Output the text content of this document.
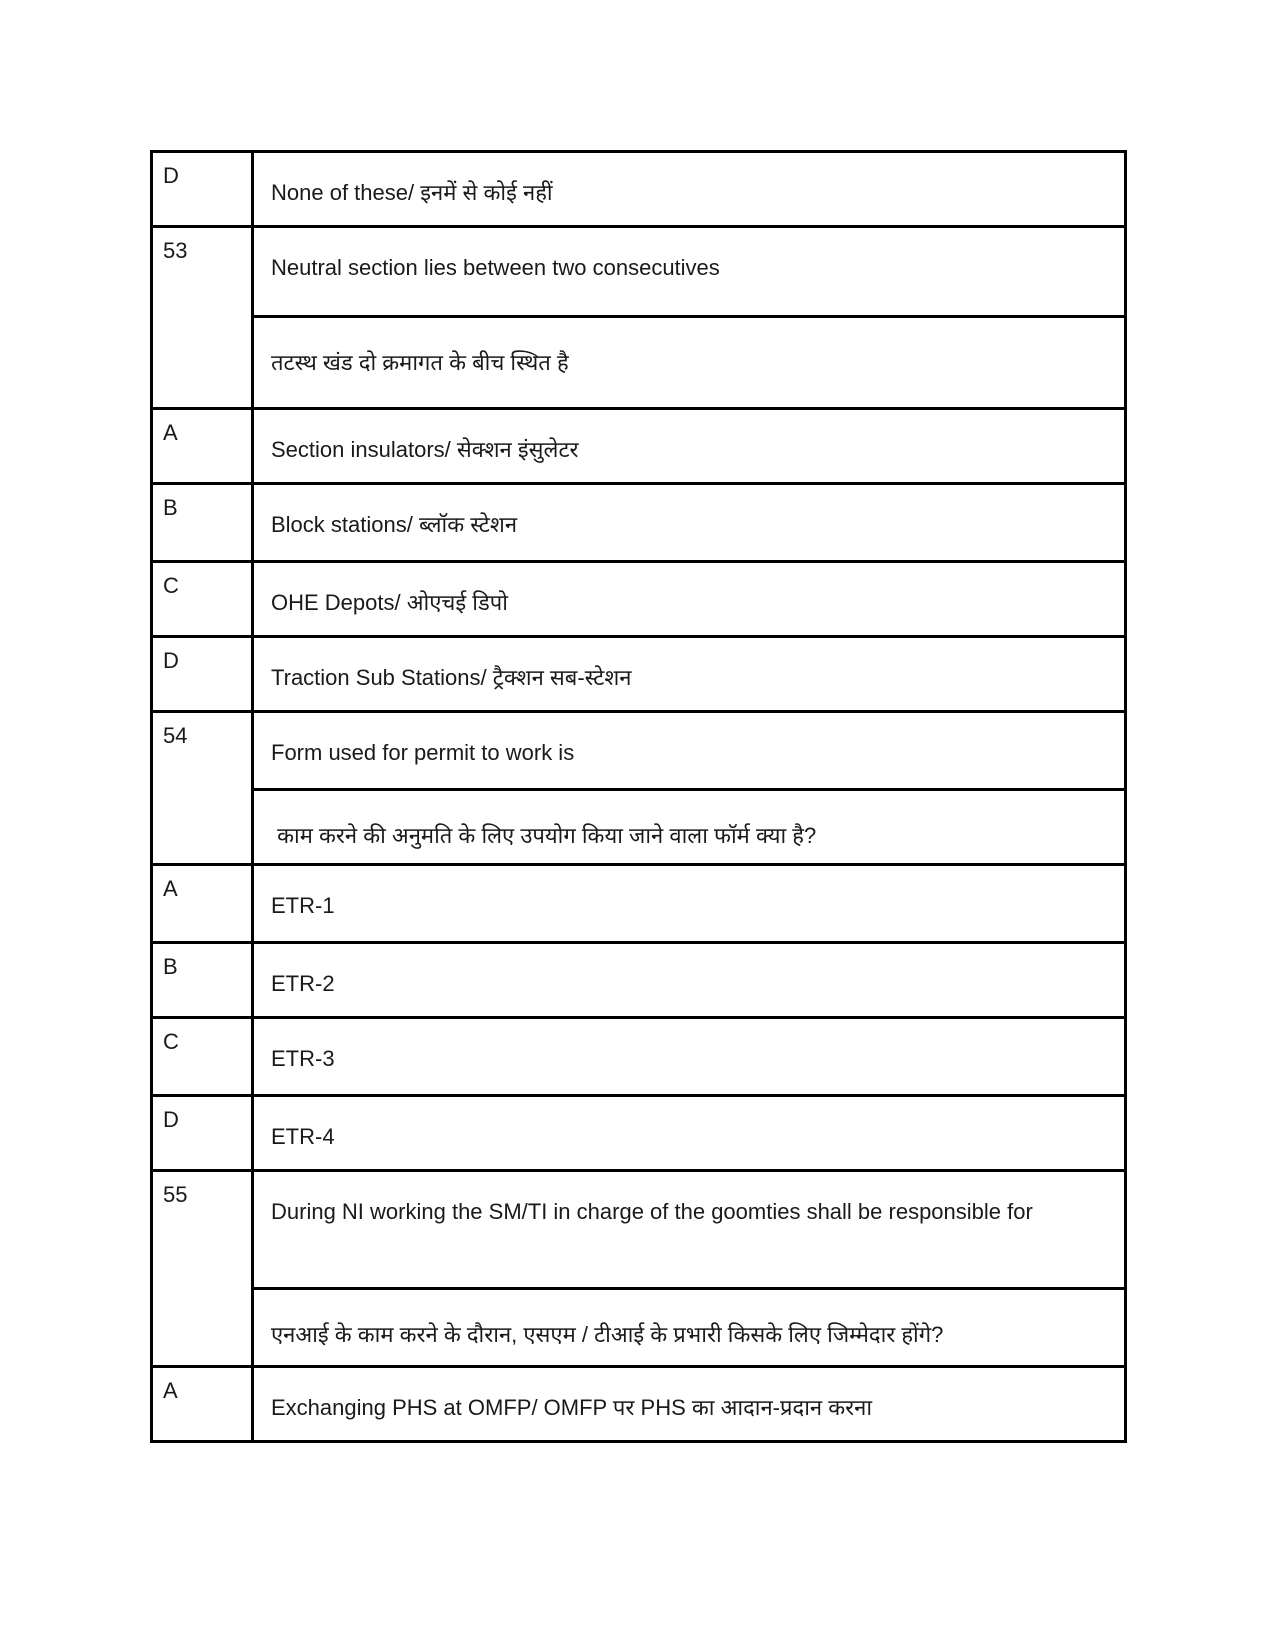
D	None of these/ इनमें से कोई नहीं

53	Neutral section lies between two consecutives

	तटस्थ खंड दो क्रमागत के बीच स्थित है

A	Section insulators/ सेक्शन इंसुलेटर

B	Block stations/ ब्लॉक स्टेशन

C	OHE Depots/ ओएचई डिपो

D	Traction Sub Stations/ ट्रैक्शन सब-स्टेशन

54	Form used for permit to work is

	काम करने की अनुमति के लिए उपयोग किया जाने वाला फॉर्म क्या है?

A	ETR-1

B	ETR-2

C	ETR-3

D	ETR-4

55	During NI working the SM/TI in charge of the goomties shall be responsible for

	एनआई के काम करने के दौरान, एसएम / टीआई के प्रभारी किसके लिए जिम्मेदार होंगे?

A	Exchanging PHS at OMFP/ OMFP पर PHS का आदान-प्रदान करना
